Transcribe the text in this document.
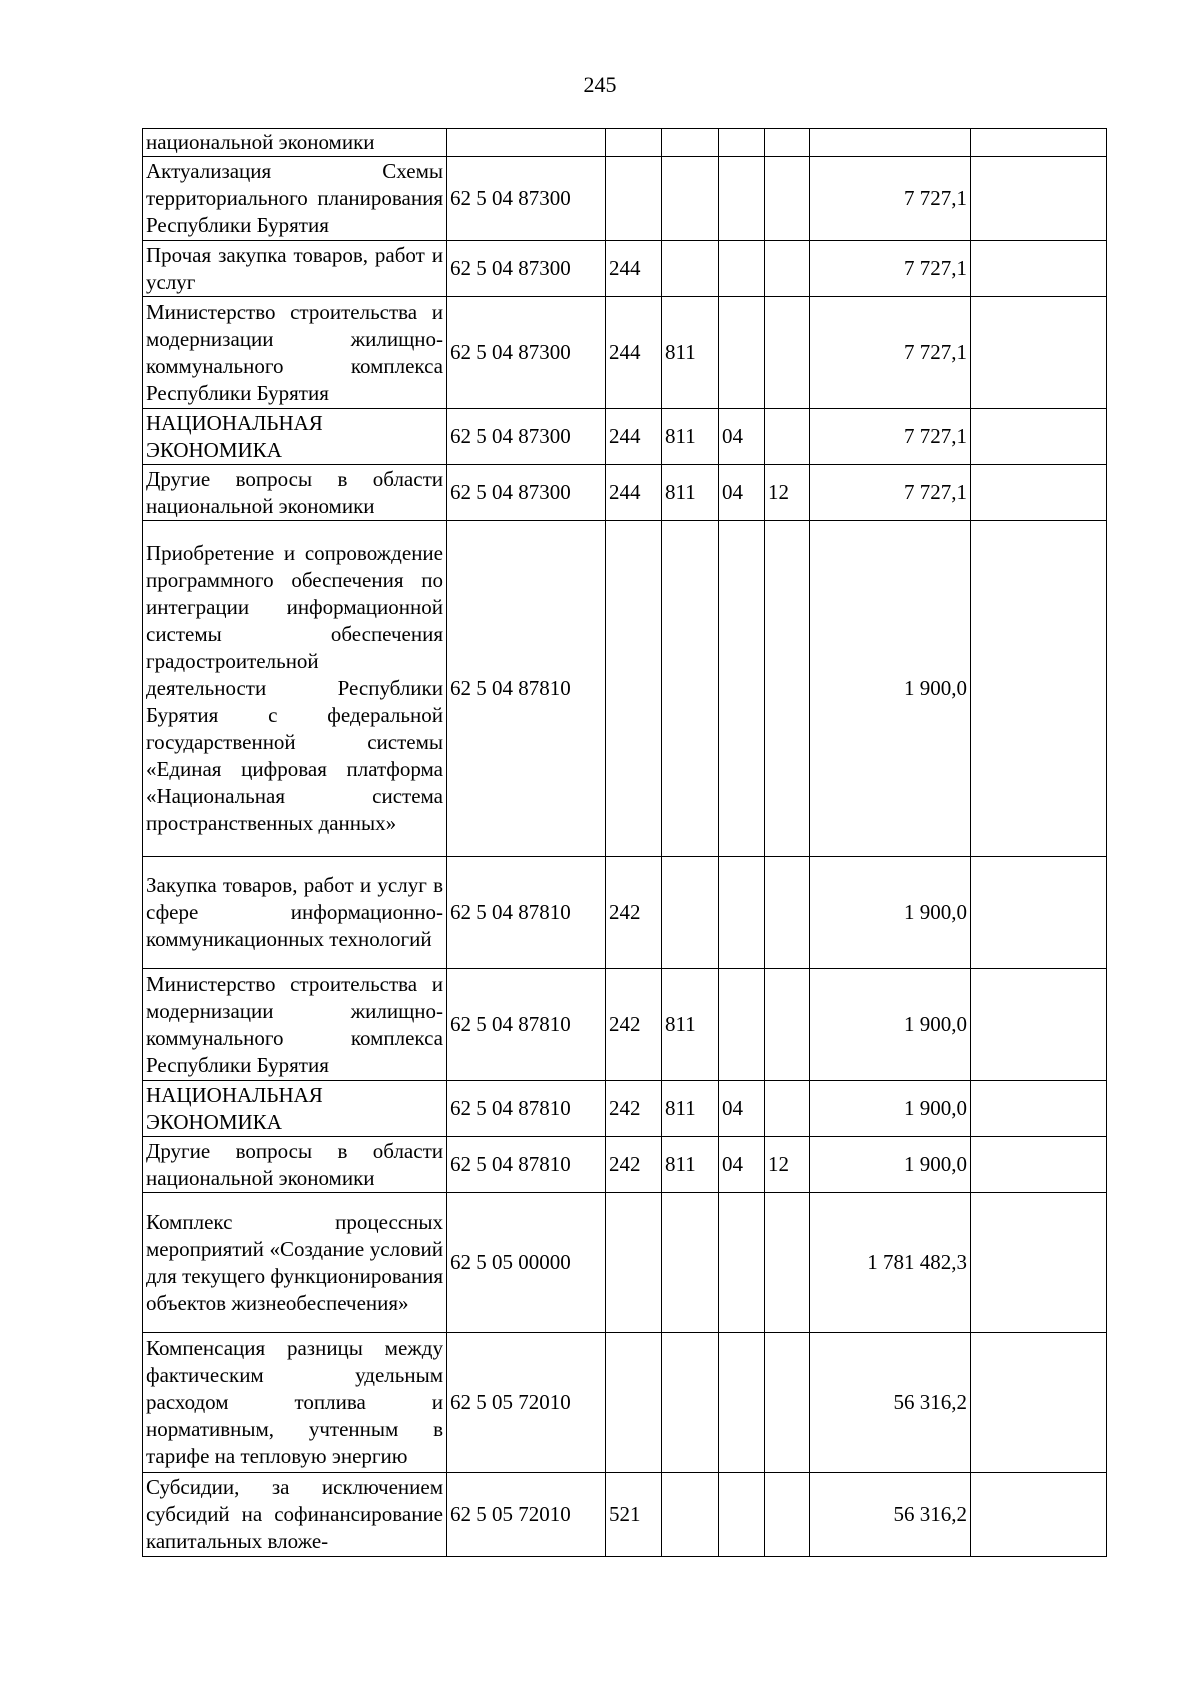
245
национальной экономики							
Актуализация Схемы территориального планирования Республики Бурятия	62 5 04 87300					7 727,1	
Прочая закупка товаров, работ и услуг	62 5 04 87300	244				7 727,1	
Министерство строительства и модернизации жилищно-коммунального комплекса Республики Бурятия	62 5 04 87300	244	811			7 727,1	
НАЦИОНАЛЬНАЯ ЭКОНОМИКА	62 5 04 87300	244	811	04		7 727,1	
Другие вопросы в области национальной экономики	62 5 04 87300	244	811	04	12	7 727,1	
Приобретение и сопровождение программного обеспечения по интеграции информационной системы обеспечения градостроительной деятельности Республики Бурятия с федеральной государственной системы «Единая цифровая платформа «Национальная система пространственных данных»	62 5 04 87810					1 900,0	
Закупка товаров, работ и услуг в сфере информационно-коммуникационных технологий	62 5 04 87810	242				1 900,0	
Министерство строительства и модернизации жилищно-коммунального комплекса Республики Бурятия	62 5 04 87810	242	811			1 900,0	
НАЦИОНАЛЬНАЯ ЭКОНОМИКА	62 5 04 87810	242	811	04		1 900,0	
Другие вопросы в области национальной экономики	62 5 04 87810	242	811	04	12	1 900,0	
Комплекс процессных мероприятий «Создание условий для текущего функционирования объектов жизнеобеспечения»	62 5 05 00000					1 781 482,3	
Компенсация разницы между фактическим удельным расходом топлива и нормативным, учтенным в тарифе на тепловую энергию	62 5 05 72010					56 316,2	
Субсидии, за исключением субсидий на софинансирование капитальных вложе-	62 5 05 72010	521				56 316,2	
